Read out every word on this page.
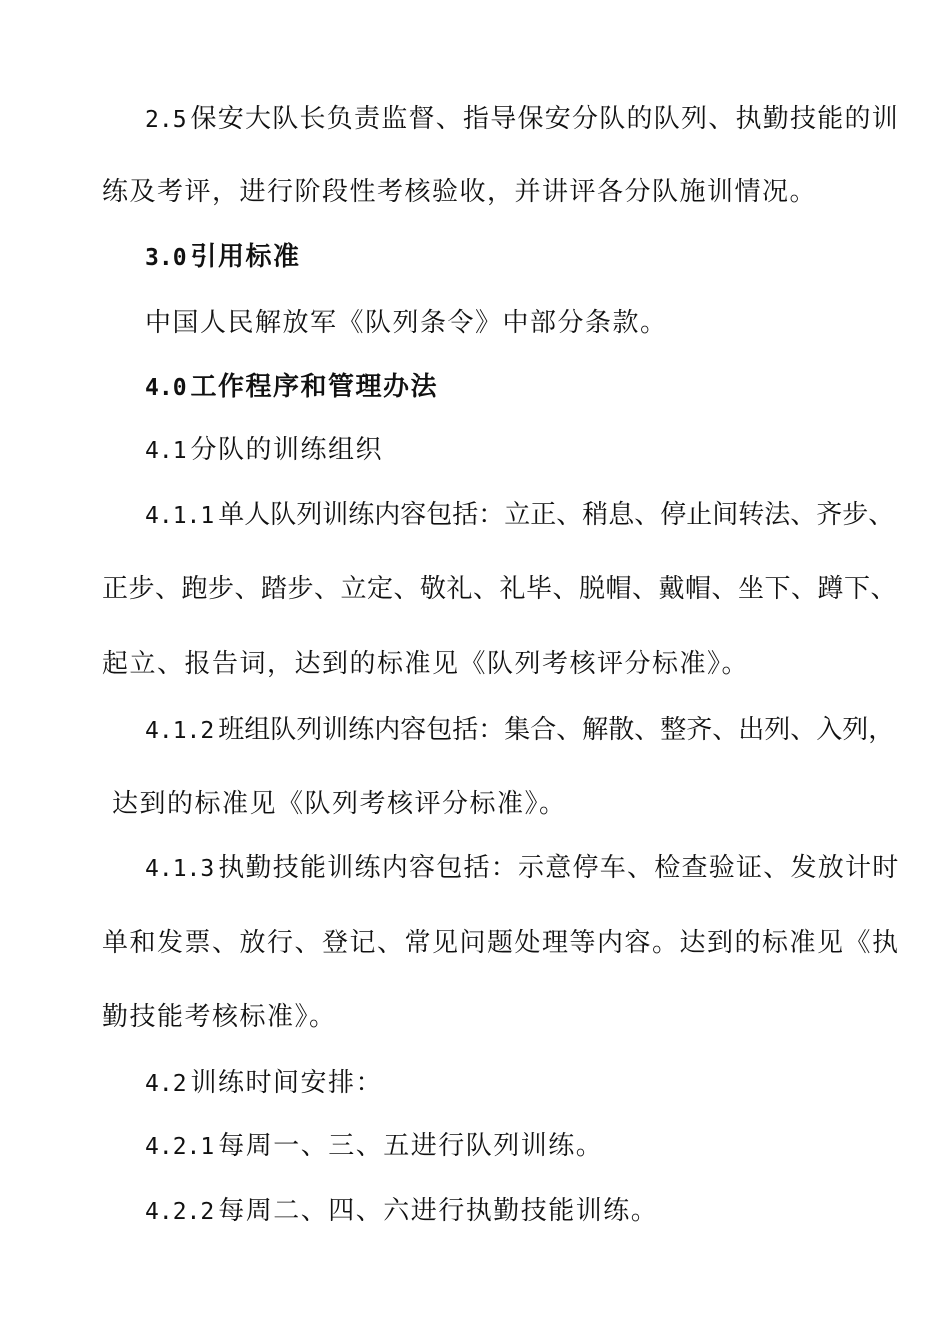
2.5 保安大队长负责监督、指导保安分队的队列、执勤技能的训
练及考评，进行阶段性考核验收，并讲评各分队施训情况。
3.0 引用标准
中国人民解放军《队列条令》中部分条款。
4.0 工作程序和管理办法
4.1 分队的训练组织
4.1.1 单人队列训练内容包括：立正、稍息、停止间转法、齐步、
正步、跑步、踏步、立定、敬礼、礼毕、脱帽、戴帽、坐下、蹲下、
起立、报告词，达到的标准见《队列考核评分标准》。
4.1.2 班组队列训练内容包括：集合、解散、整齐、出列、入列，
达到的标准见《队列考核评分标准》。
4.1.3 执勤技能训练内容包括：示意停车、检查验证、发放计时
单和发票、放行、登记、常见问题处理等内容。达到的标准见《执
勤技能考核标准》。
4.2 训练时间安排：
4.2.1 每周一、三、五进行队列训练。
4.2.2 每周二、四、六进行执勤技能训练。
